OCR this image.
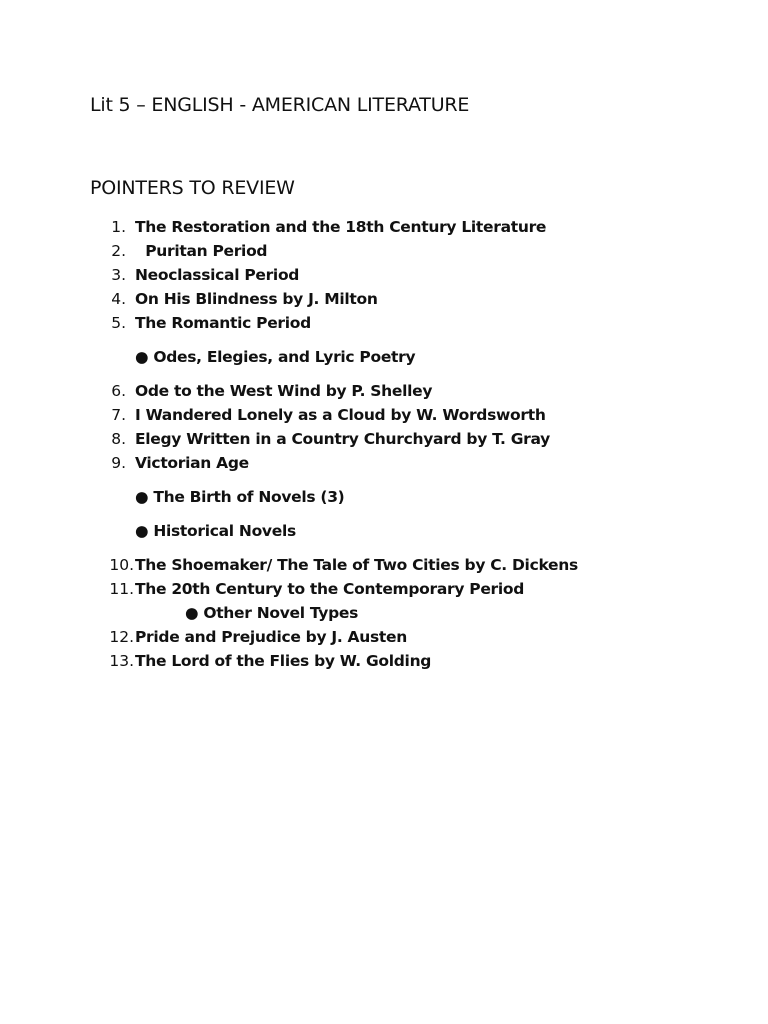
Lit 5 – ENGLISH - AMERICAN LITERATURE
POINTERS TO REVIEW
1. The Restoration and the 18th Century Literature
2. Puritan Period
3. Neoclassical Period
4. On His Blindness by J. Milton
5. The Romantic Period
● Odes, Elegies, and Lyric Poetry
6. Ode to the West Wind by P. Shelley
7. I Wandered Lonely as a Cloud by W. Wordsworth
8. Elegy Written in a Country Churchyard by T. Gray
9. Victorian Age
● The Birth of Novels (3)
● Historical Novels
10. The Shoemaker/ The Tale of Two Cities by C. Dickens
11. The 20th Century to the Contemporary Period
● Other Novel Types
12. Pride and Prejudice by J. Austen
13. The Lord of the Flies by W. Golding
